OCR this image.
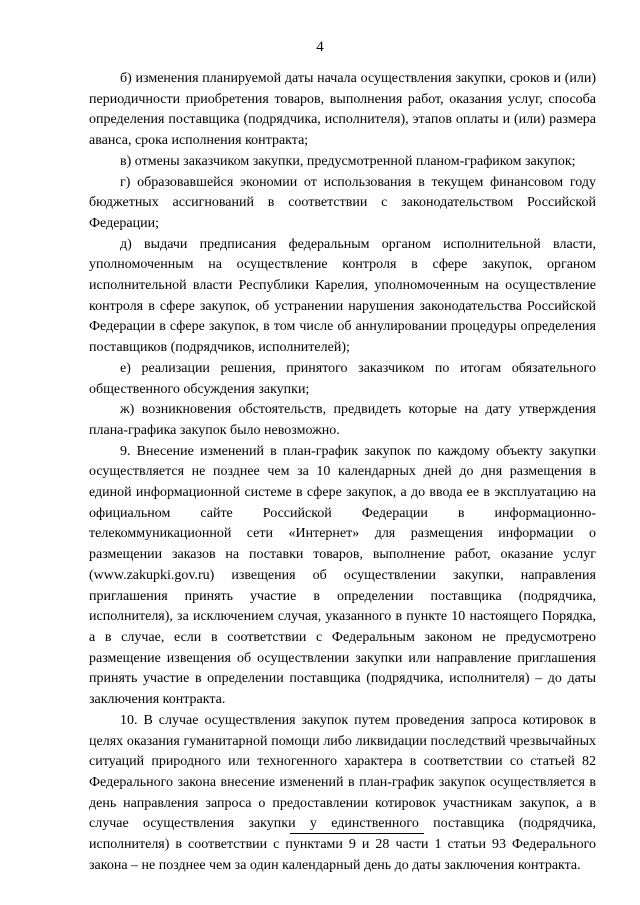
4

б) изменения планируемой даты начала осуществления закупки, сроков и (или) периодичности приобретения товаров, выполнения работ, оказания услуг, способа определения поставщика (подрядчика, исполнителя), этапов оплаты и (или) размера аванса, срока исполнения контракта;

в) отмены заказчиком закупки, предусмотренной планом-графиком закупок;

г) образовавшейся экономии от использования в текущем финансовом году бюджетных ассигнований в соответствии с законодательством Российской Федерации;

д) выдачи предписания федеральным органом исполнительной власти, уполномоченным на осуществление контроля в сфере закупок, органом исполнительной власти Республики Карелия, уполномоченным на осуществление контроля в сфере закупок, об устранении нарушения законодательства Российской Федерации в сфере закупок, в том числе об аннулировании процедуры определения поставщиков (подрядчиков, исполнителей);

е) реализации решения, принятого заказчиком по итогам обязательного общественного обсуждения закупки;

ж) возникновения обстоятельств, предвидеть которые на дату утверждения плана-графика закупок было невозможно.

9. Внесение изменений в план-график закупок по каждому объекту закупки осуществляется не позднее чем за 10 календарных дней до дня размещения в единой информационной системе в сфере закупок, а до ввода ее в эксплуатацию на официальном сайте Российской Федерации в информационно-телекоммуникационной сети «Интернет» для размещения информации о размещении заказов на поставки товаров, выполнение работ, оказание услуг (www.zakupki.gov.ru) извещения об осуществлении закупки, направления приглашения принять участие в определении поставщика (подрядчика, исполнителя), за исключением случая, указанного в пункте 10 настоящего Порядка, а в случае, если в соответствии с Федеральным законом не предусмотрено размещение извещения об осуществлении закупки или направление приглашения принять участие в определении поставщика (подрядчика, исполнителя) – до даты заключения контракта.

10. В случае осуществления закупок путем проведения запроса котировок в целях оказания гуманитарной помощи либо ликвидации последствий чрезвычайных ситуаций природного или техногенного характера в соответствии со статьей 82 Федерального закона внесение изменений в план-график закупок осуществляется в день направления запроса о предоставлении котировок участникам закупок, а в случае осуществления закупки у единственного поставщика (подрядчика, исполнителя) в соответствии с пунктами 9 и 28 части 1 статьи 93 Федерального закона – не позднее чем за один календарный день до даты заключения контракта.
